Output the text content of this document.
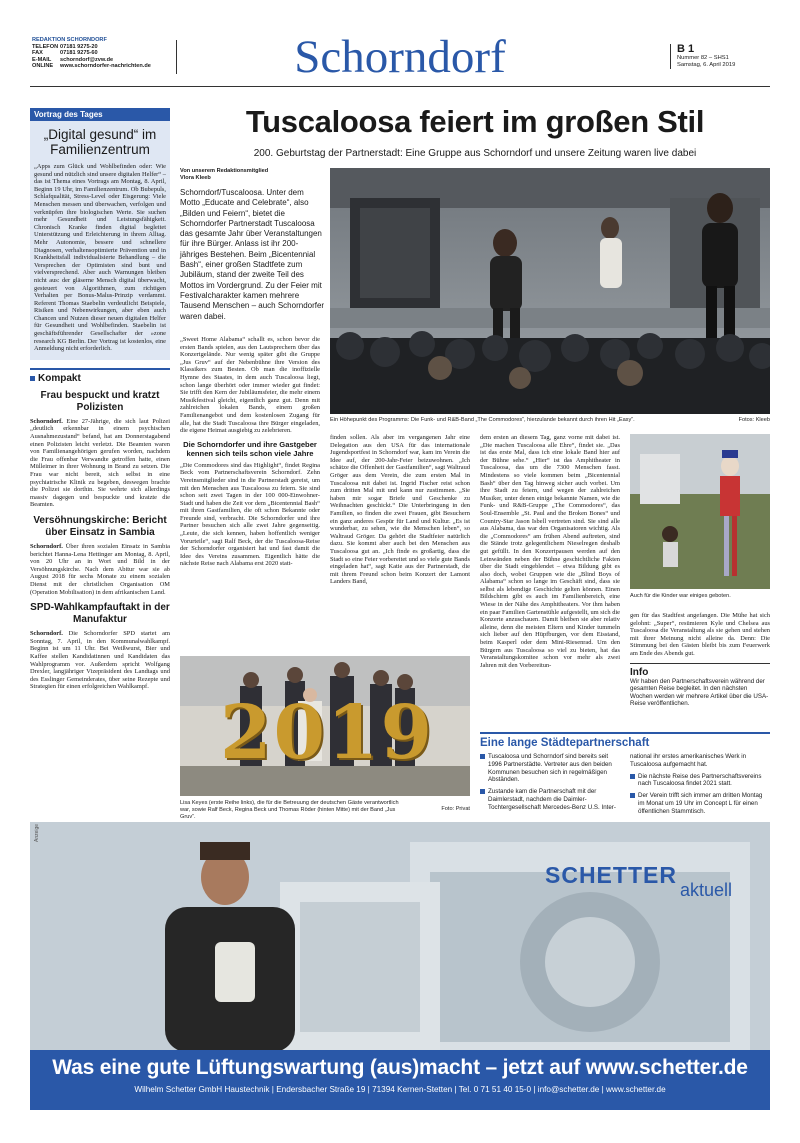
REDAKTION SCHORNDORF
TELEFON 07181 9275-20
FAX	07181 9275-60
E-MAIL schorndorf@zvw.de
ONLINE www.schorndorfer-nachrichten.de	Schorndorf	B 1
Nummer 82 – SHS1
Samstag, 6. April 2019
Vortrag des Tages
„Digital gesund“ im Familienzentrum

„Apps zum Glück und Wohlbefinden oder: Wie gesund und nützlich sind unsere digitalen Helfer“ – das ist Thema eines Vortrags am Montag, 8. April, Beginn 19 Uhr, im Familienzentrum. Ob Bubepuls, Schlafqualität, Stress-Level oder Eisgerung: Viele Menschen messen und überwachen, verfolgen und verknüpfen ihre biologischen Werte. Sie suchen mehr Gesundheit und Leistungsfähigkeit. Chronisch Kranke finden digital begleitet Unterstützung und Erleichterung in ihrem Alltag. Mehr Autonomie, bessere und schnellere Diagnosen, verhaltensoptimierte Prävention und in Krankheitsfall individualisierte Behandlung – die Versprechen der Optimisten sind bunt und vielversprechend. Aber auch Warnungen bleiben nicht aus: der gläserne Mensch digital überwacht, gesteuert von Algorithmen, zum richtigen Verhalten per Bonus-Malus-Prinzip verdammt. Referent Thomas Staebelin verdeutlicht Beispiele, Risiken und Nebenwirkungen, aber eben auch Chancen und Nutzen dieser neuen digitalen Helfer für Gesundheit und Wohlbefinden. Staebelin ist geschäftsführender Gesellschafter der »zone research KG Berlin. Der Vortrag ist kostenlos, eine Anmeldung nicht erforderlich.

Kompakt
Frau bespuckt und kratzt Polizisten

Schorndorf. Eine 27-Jährige, die sich laut Polizei „deutlich erkennbar in einem psychischen Ausnahmezustand“ befand, hat am Donnerstagabend einen Polizisten leicht verletzt. Die Beamten waren von Familienangehörigen gerufen worden, nachdem die Frau offenbar Verwandte getroffen hatte, einen Mülleimer in ihrer Wohnung in Brand zu setzen. Die Frau war nicht bereit, sich selbst in eine psychiatrische Klinik zu begeben, deswegen brachte die Polizei sie dorthin. Sie wehrte sich allerdings massiv dagegen und bespuckte und kratzte die Beamten.

Versöhnungskirche: Bericht über Einsatz in Sambia

Schorndorf. Über ihren sozialen Einsatz in Sambia berichtet Hanna-Lena Hettinger am Montag, 8. April, von 20 Uhr an in Wort und Bild in der Versöhnungskirche. Nach dem Abitur war sie ab August 2018 für sechs Monate zu einem sozialen Dienst mit der christlichen Organisation OM (Operation Mobilisation) in dem afrikanischen Land.

SPD-Wahlkampfauftakt in der Manufaktur

Schorndorf. Die Schorndorfer SPD startet am Sonntag, 7. April, in den Kommunalwahlkampf. Beginn ist um 11 Uhr. Bei Weißwurst, Bier und Kaffee stellen Kandidatinnen und Kandidaten das Wahlprogramm vor. Außerdem spricht Wolfgang Drexler, langjähriger Vizepräsident des Landtags und des Esslinger Gemeinderates, über seine Rezepte und Strategien für einen erfolgreichen Wahlkampf.

Tuscaloosa feiert im großen Stil
200. Geburtstag der Partnerstadt: Eine Gruppe aus Schorndorf und unsere Zeitung waren live dabei
Von unserem Redaktionsmitglied
Vlora Kleeb

Schorndorf/Tuscaloosa. Unter dem Motto „Educate and Celebrate“, also „Bilden und Feiern“, bietet die Schorndorfer Partnerstadt Tuscaloosa das gesamte Jahr über Veranstaltungen für ihre Bürger. Anlass ist ihr 200-jähriges Bestehen. Beim „Bicentennial Bash“, einer großen Stadtfete zum Jubiläum, stand der zweite Teil des Mottos im Vordergrund. Zu der Feier mit Festivalcharakter kamen mehrere Tausend Menschen – auch Schorndorfer waren dabei.

Ein Höhepunkt des Programms: Die Funk- und R&B-Band „The Commodores“, hierzulande bekannt durch ihren Hit „Easy“.	Fotos: Kleeb

„Sweet Home Alabama“ schallt es, schon bevor die ersten Bands spielen, aus den Lautsprechern über das Konzertgelände. Nur wenig später gibt die Gruppe „Jus Gruv“ auf der Nebenbühne ihre Version des Klassikers zum Besten. Ob man die inoffizielle Hymne des Staates, in dem auch Tuscaloosa liegt, schon lange überhört oder immer wieder gut findet: Sie trifft den Kern der Jubiläumsfeier, die mehr einem Musikfestival gleicht, eigentlich ganz gut. Denn mit zahlreichen lokalen Bands, einem großen Familienangebot und dem kostenlosen Zugang für alle, hat die Stadt Tuscaloosa ihre Bürger eingeladen, die eigene Heimat ausgiebig zu zelebrieren.

Die Schorndorfer und ihre Gastgeber kennen sich teils schon viele Jahre

„Die Commodores sind das Highlight“, findet Regina Beck vom Partnerschaftsverein Schorndorf. Zehn Vereinsmitglieder sind in die Partnerstadt gereist, um mit den Menschen aus Tuscaloosa zu feiern. Sie sind schon seit zwei Tagen in der 100 000-Einwohner-Stadt und haben die Zeit vor dem „Bicentennial Bash“ mit ihren Gastfamilien, die oft schon Bekannte oder Freunde sind, verbracht. Die Schorndorfer und ihre Partner besuchen sich alle zwei Jahre gegenseitig. „Leute, die sich kennen, haben hoffentlich weniger Vorurteile“, sagt Ralf Beck, der die Tuscaloosa-Reise der Schorndorfer organisiert hat und fast damit die Idee des Vereins zusammen. Eigentlich hätte die nächste Reise nach Alabama erst 2020 statt-

finden sollen. Als aber im vergangenen Jahr eine Delegation aus den USA für das internationale Jugendsportfest in Schorndorf war, kam im Verein die Idee auf, der 200-Jahr-Feier beizuwohnen. „Ich schätze die Offenheit der Gastfamilien“, sagt Waltraud Gröger aus dem Verein, die zum ersten Mal in Tuscaloosa mit dabei ist. Ingrid Fischer reist schon zum dritten Mal mit und kann nur zustimmen. „Sie haben mir sogar Briefe und Geschenke zu Weihnachten geschickt.“ Die Unterbringung in den Familien, so finden die zwei Frauen, gibt Besuchern ein ganz anderes Gespür für Land und Kultur. „Es ist wunderbar, zu sehen, wie die Menschen leben“, so Waltraud Gröger. Da gehört die Stadtfeier natürlich dazu. Sie kommt aber auch bei den Menschen aus Tuscaloosa gut an. „Ich finde es großartig, dass die Stadt so eine Feier vorbereitet und so viele gute Bands eingeladen hat“, sagt Katie aus der Partnerstadt, die mit ihrem Freund schon beim Konzert der Lamont Landers Band,

dem ersten an diesem Tag, ganz vorne mit dabei ist. „Die machen Tuscaloosa alle Ehre“, findet sie. „Das ist das erste Mal, dass ich eine lokale Band hier auf der Bühne sehe.“ „Hier“ ist das Amphitheater in Tuscaloosa, das um die 7300 Menschen fasst. Mindestens so viele kommen beim „Bicentennial Bash“ über den Tag hinweg sicher auch vorbei. Um ihre Stadt zu feiern, und wegen der zahlreichen Musiker, unter denen einige bekannte Namen, wie die Funk- und R&B-Gruppe „The Commodores“, das Soul-Ensemble „St. Paul and the Broken Bones“ und Country-Star Jason Isbell vertreten sind. Sie sind alle aus Alabama, das war den Organisatoren wichtig. Als die „Commodores“ am frühen Abend auftreten, sind die Stände trotz gelegentlichem Nieselregen deshalb gut gefüllt. In den Konzertpausen werden auf den Leinwänden neben der Bühne geschichtliche Fakten über die Stadt eingeblendet – etwa Bildung gibt es also doch, wobei Gruppen wie die „Blind Boys of Alabama“ schon so lange im Geschäft sind, dass sie selbst als lebendige Geschichte gelten können. Einen Bildschirm gibt es auch im Familienbereich, eine Wiese in der Nähe des Amphitheaters. Vor ihm haben ein paar Familien Gartenstühle aufgestellt, um sich die Konzerte anzuschauen. Damit bleiben sie aber relativ alleine, denn die meisten Eltern und Kinder tummeln sich lieber auf den Hüpfburgen, vor dem Eisstand, beim Kasperl oder dem Mini-Riesenrad. Um den Bürgern aus Tuscaloosa so viel zu bieten, hat das Veranstaltungskomitee schon vor mehr als zwei Jahren mit den Vorbereitun-

Auch für die Kinder war einiges geboten.

gen für das Stadtfest angefangen. Die Mühe hat sich gelohnt: „Super“, resümieren Kyle und Chelsea aus Tuscaloosa die Veranstaltung als sie gehen und stehen mit ihrer Meinung nicht alleine da. Denn: Die Stimmung bei den Gästen bleibt bis zum Feuerwerk am Ende des Abends gut.

Info
Wir haben den Partnerschaftsverein während der gesamten Reise begleitet. In den nächsten Wochen werden wir mehrere Artikel über die USA-Reise veröffentlichen.
2019
Lisa Keyes (erste Reihe links), die für die Betreuung der deutschen Gäste verantwortlich war, sowie Ralf Beck, Regina Beck und Thomas Röder (hinten Mitte) mit der Band „Jus Gruv“.
Foto: Privat
Eine lange Städtepartnerschaft
Tuscaloosa und Schorndorf sind bereits seit 1996 Partnerstädte. Vertreter aus den beiden Kommunen besuchen sich in regelmäßigen Abständen.
Zustande kam die Partnerschaft mit der Daimlerstadt, nachdem die Daimler-Tochtergesellschaft Mercedes-Benz U.S. Inter-
national ihr erstes amerikanisches Werk in Tuscaloosa aufgemacht hat.
Die nächste Reise des Partnerschaftsvereins nach Tuscaloosa findet 2021 statt.
Der Verein trifft sich immer am dritten Montag im Monat um 19 Uhr im Concept L für einen öffentlichen Stammtisch.
Anzeige
SCHETTER
aktuell
Was eine gute Lüftungswartung (aus)macht – jetzt auf www.schetter.de
Wilhelm Schetter GmbH Haustechnik | Endersbacher Straße 19 | 71394 Kernen-Stetten | Tel. 0 71 51 40 15-0 | info@schetter.de | www.schetter.de
